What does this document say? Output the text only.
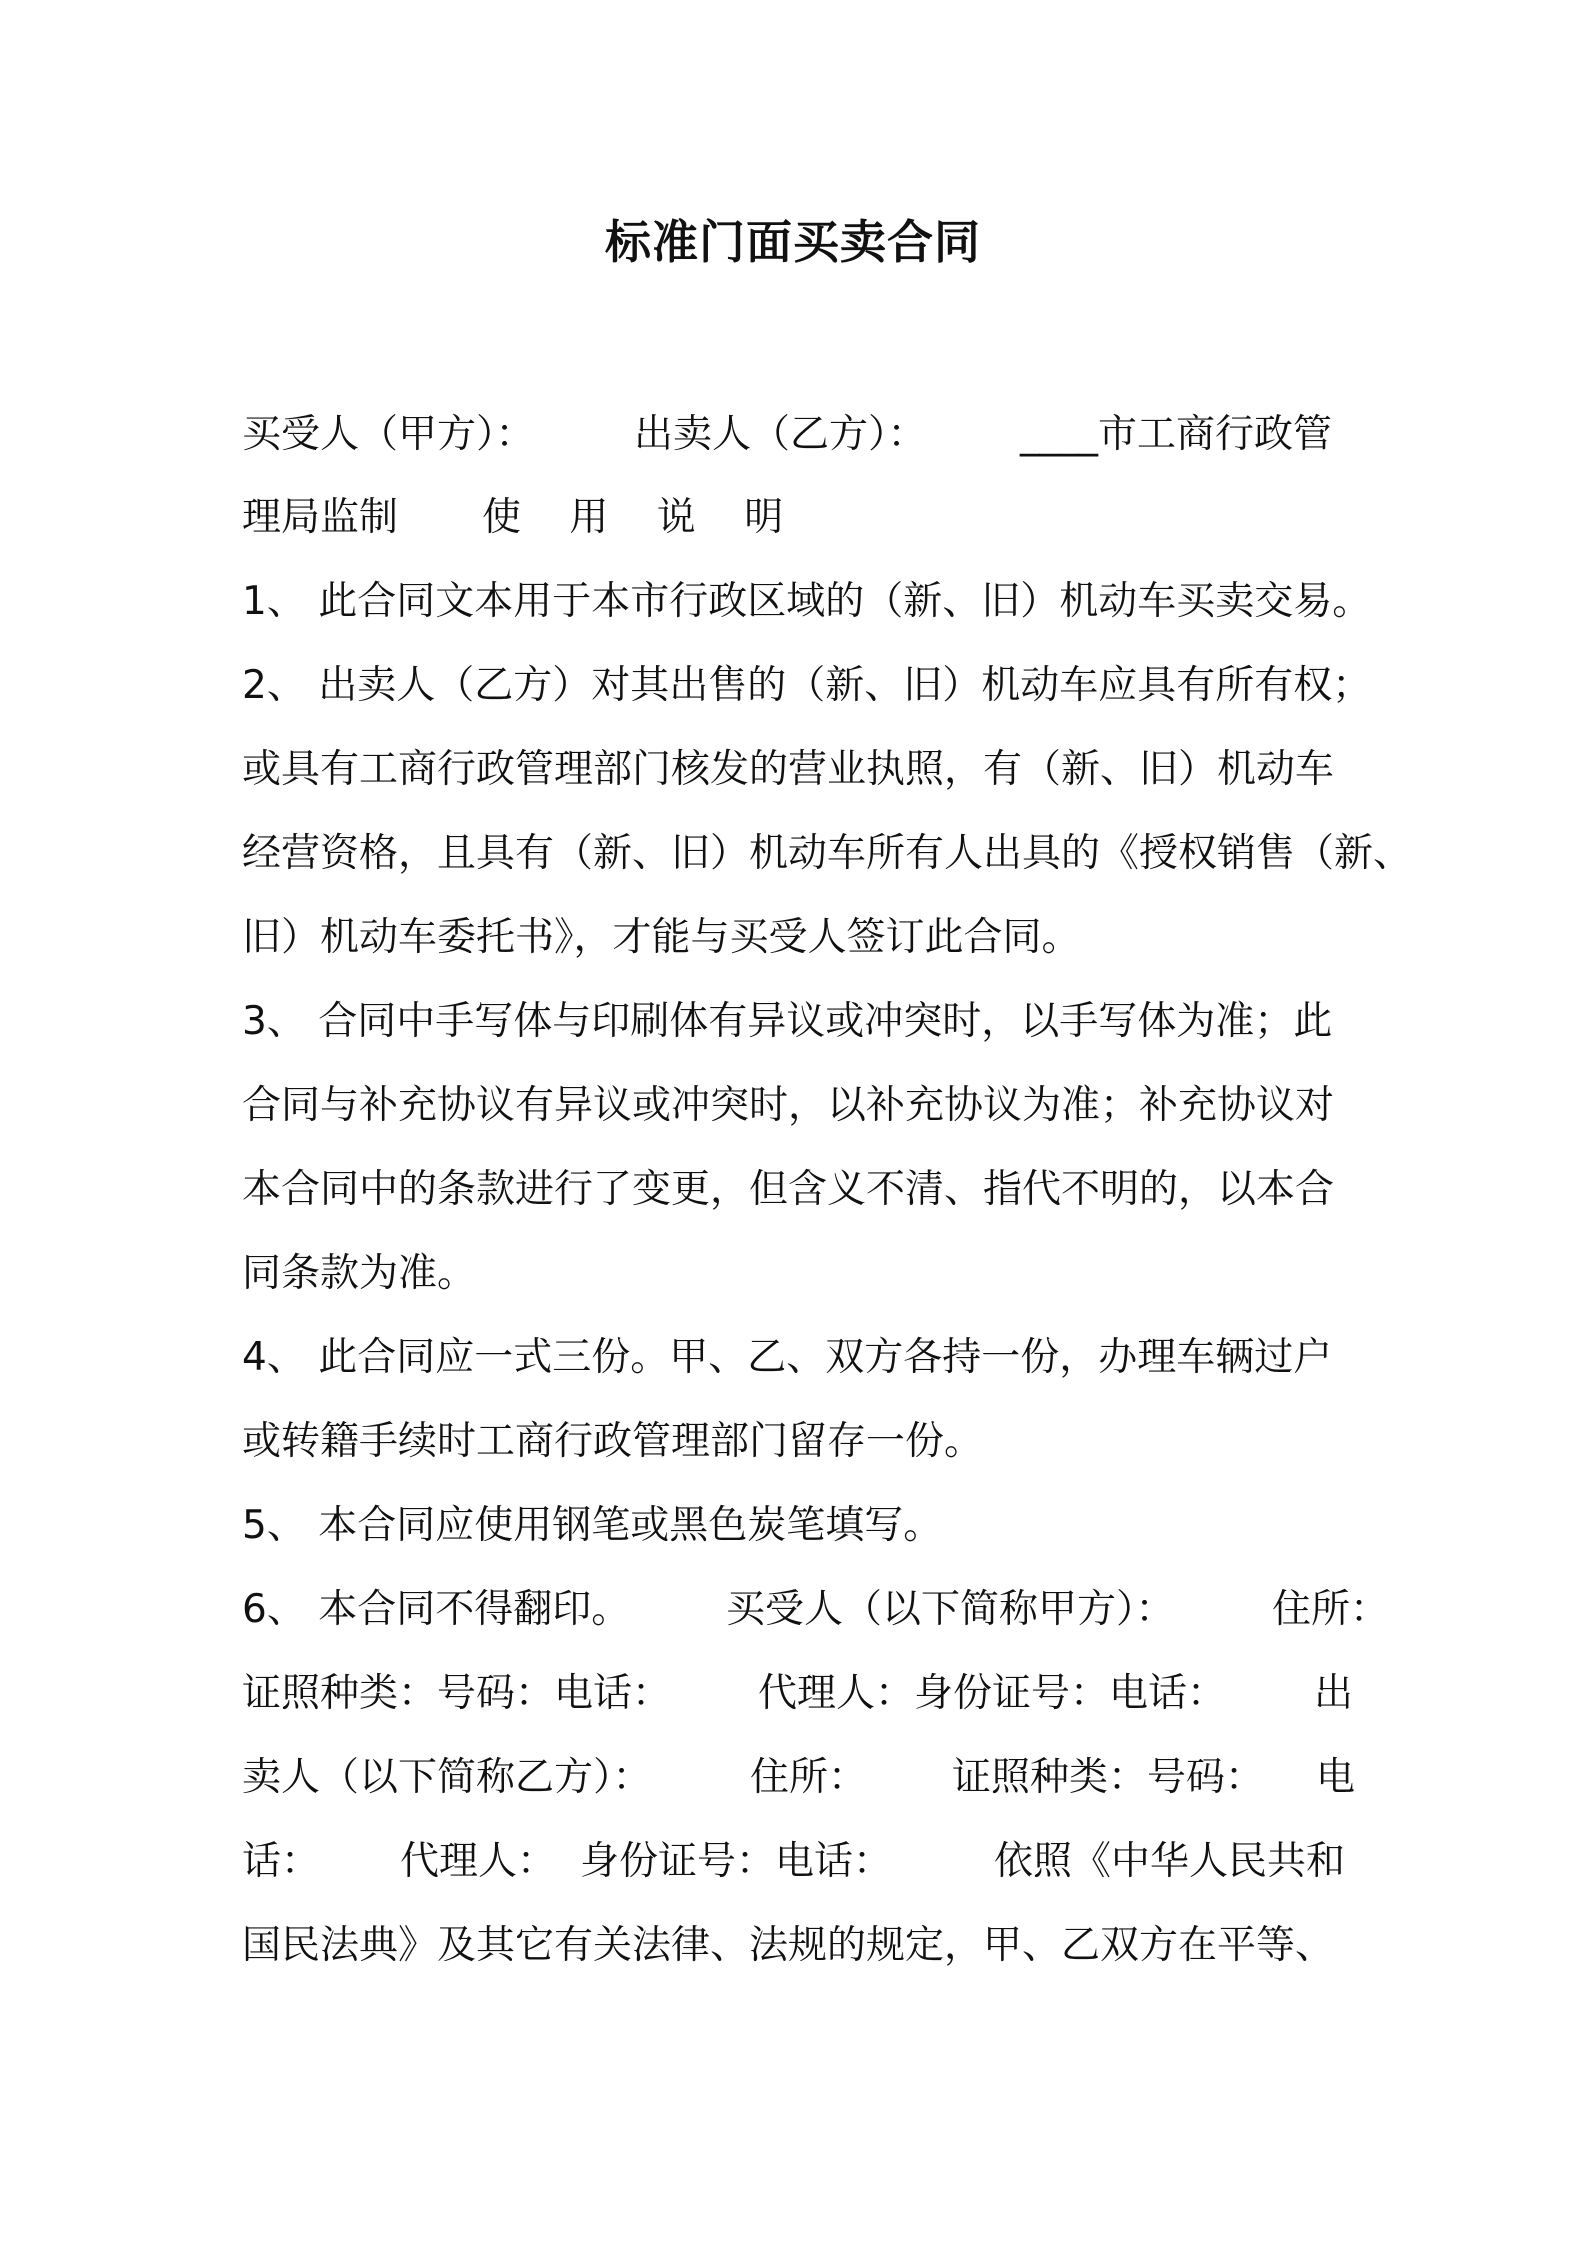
标准门面买卖合同
买受人（甲方）：	出卖人（乙方）： ____市工商行政管
理局监制 使 用 说 明
1、 此合同文本用于本市行政区域的（新、旧）机动车买卖交易。
2、 出卖人（乙方）对其出售的（新、旧）机动车应具有所有权；
或具有工商行政管理部门核发的营业执照，有（新、旧）机动车
经营资格，且具有（新、旧）机动车所有人出具的《授权销售（新、
旧）机动车委托书》，才能与买受人签订此合同。
3、 合同中手写体与印刷体有异议或冲突时，以手写体为准；此
合同与补充协议有异议或冲突时，以补充协议为准；补充协议对
本合同中的条款进行了变更，但含义不清、指代不明的，以本合
同条款为准。
4、 此合同应一式三份。甲、乙、双方各持一份，办理车辆过户
或转籍手续时工商行政管理部门留存一份。
5、 本合同应使用钢笔或黑色炭笔填写。
6、 本合同不得翻印。 买受人（以下简称甲方）： 住所：
证照种类：号码：电话： 代理人：身份证号：电话： 出
卖人（以下简称乙方）：	住所： 证照种类：号码： 电
话： 代理人： 身份证号：电话：	依照《中华人民共和
国民法典》及其它有关法律、法规的规定，甲、乙双方在平等、
